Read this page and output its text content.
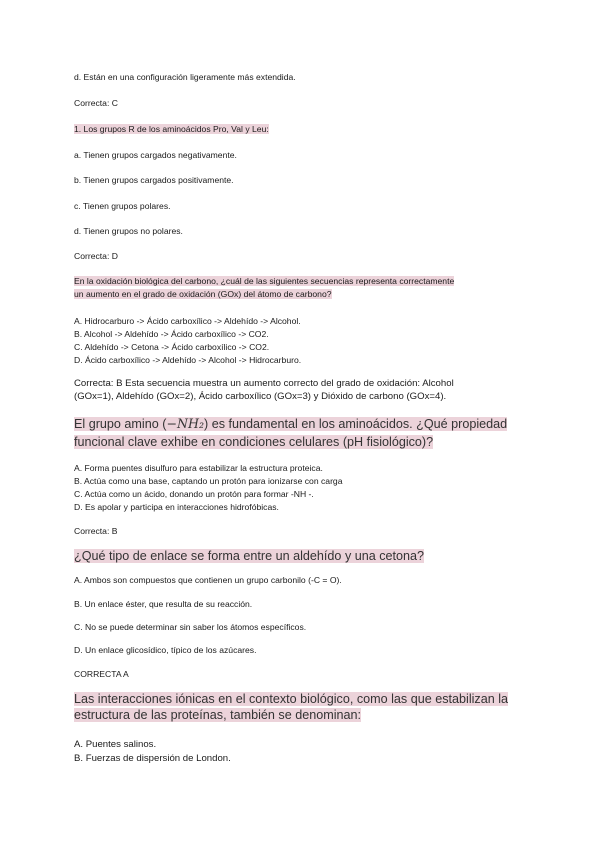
d. Están en una configuración ligeramente más extendida.
Correcta: C
1. Los grupos R de los aminoácidos Pro, Val y Leu:
a. Tienen grupos cargados negativamente.
b. Tienen grupos cargados positivamente.
c. Tienen grupos polares.
d. Tienen grupos no polares.
Correcta: D
En la oxidación biológica del carbono, ¿cuál de las siguientes secuencias representa correctamente
un aumento en el grado de oxidación (GOx) del átomo de carbono?
A. Hidrocarburo -> Ácido carboxílico -> Aldehído -> Alcohol.
B. Alcohol -> Aldehído -> Ácido carboxílico -> CO2.
C. Aldehído -> Cetona -> Ácido carboxílico -> CO2.
D. Ácido carboxílico -> Aldehído -> Alcohol -> Hidrocarburo.
Correcta: B Esta secuencia muestra un aumento correcto del grado de oxidación: Alcohol
(GOx=1), Aldehído (GOx=2), Ácido carboxílico (GOx=3) y Dióxido de carbono (GOx=4).
El grupo amino (−NH₂) es fundamental en los aminoácidos. ¿Qué propiedad
funcional clave exhibe en condiciones celulares (pH fisiológico)?
A. Forma puentes disulfuro para estabilizar la estructura proteica.
B. Actúa como una base, captando un protón para ionizarse con carga
C. Actúa como un ácido, donando un protón para formar -NH -.
D. Es apolar y participa en interacciones hidrofóbicas.
Correcta: B
¿Qué tipo de enlace se forma entre un aldehído y una cetona?
A. Ambos son compuestos que contienen un grupo carbonilo (-C = O).
B. Un enlace éster, que resulta de su reacción.
C. No se puede determinar sin saber los átomos específicos.
D. Un enlace glicosídico, típico de los azúcares.
CORRECTA A
Las interacciones iónicas en el contexto biológico, como las que estabilizan la
estructura de las proteínas, también se denominan:
A. Puentes salinos.
B. Fuerzas de dispersión de London.
